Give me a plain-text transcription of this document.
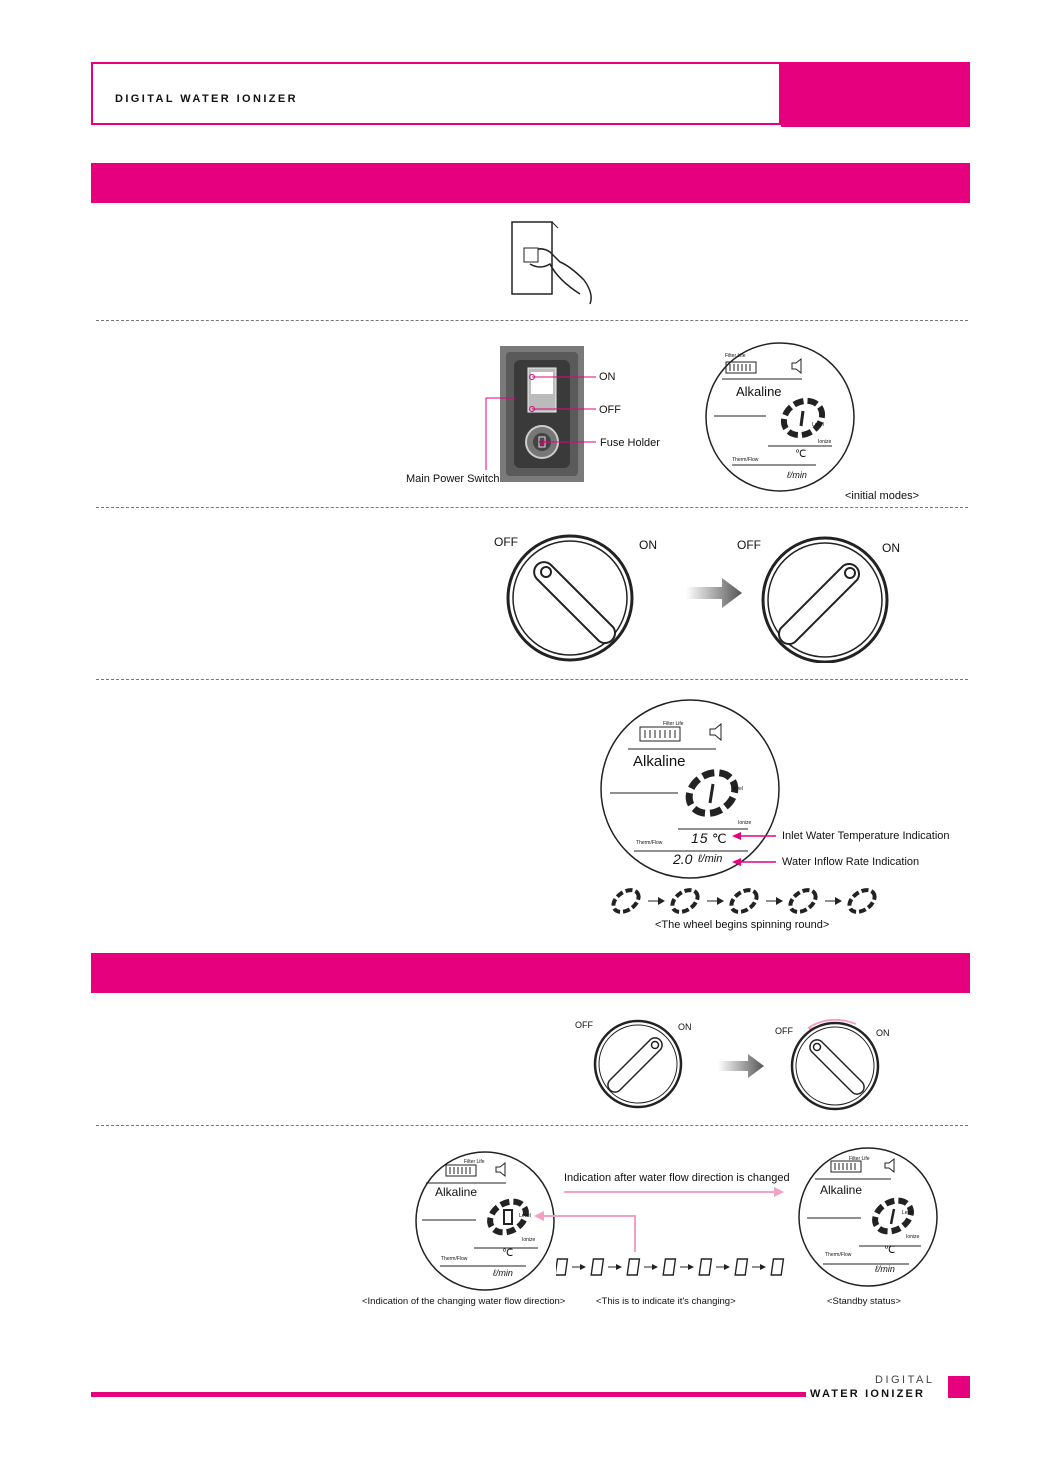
DIGITAL WATER IONIZER
ON
OFF
Fuse Holder
Main Power Switch
Alkaline
Filter Life
Level
Ionize
℃
Therm/Flow
ℓ/min
<initial modes>
OFF	ON	OFF	ON
Alkaline
Filter Life
Level
Ionize
15 ℃
Therm/Flow
2.0 ℓ/min
Inlet Water Temperature Indication
Water Inflow Rate Indication
<The wheel begins spinning round>
OFF	ON	OFF	ON
Alkaline
Filter Life
Level
Ionize
℃
Therm/Flow
ℓ/min
Indication after water flow direction is changed
Alkaline
Filter Life
Level
Ionize
℃
Therm/Flow
ℓ/min
<Indication of the changing water flow direction>	<This is to indicate it's changing>	<Standby status>
DIGITAL
WATER IONIZER
